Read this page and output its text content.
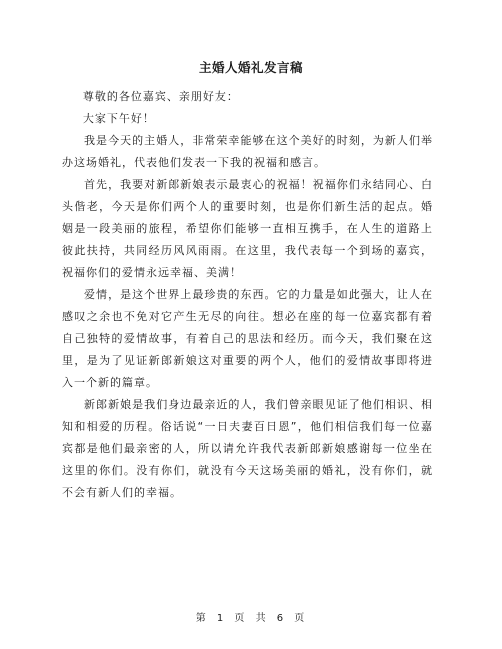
主婚人婚礼发言稿

尊敬的各位嘉宾、亲朋好友：

大家下午好！

我是今天的主婚人，非常荣幸能够在这个美好的时刻，为新人们举办这场婚礼，代表他们发表一下我的祝福和感言。

首先，我要对新郎新娘表示最衷心的祝福！祝福你们永结同心、白头偕老，今天是你们两个人的重要时刻，也是你们新生活的起点。婚姻是一段美丽的旅程，希望你们能够一直相互携手，在人生的道路上彼此扶持，共同经历风风雨雨。在这里，我代表每一个到场的嘉宾，祝福你们的爱情永远幸福、美满！

爱情，是这个世界上最珍贵的东西。它的力量是如此强大，让人在感叹之余也不免对它产生无尽的向往。想必在座的每一位嘉宾都有着自己独特的爱情故事，有着自己的思法和经历。而今天，我们聚在这里，是为了见证新郎新娘这对重要的两个人，他们的爱情故事即将进入一个新的篇章。

新郎新娘是我们身边最亲近的人，我们曾亲眼见证了他们相识、相知和相爱的历程。俗话说“一日夫妻百日恩”，他们相信我们每一位嘉宾都是他们最亲密的人，所以请允许我代表新郎新娘感谢每一位坐在这里的你们。没有你们，就没有今天这场美丽的婚礼，没有你们，就不会有新人们的幸福。

第 1 页 共 6 页
